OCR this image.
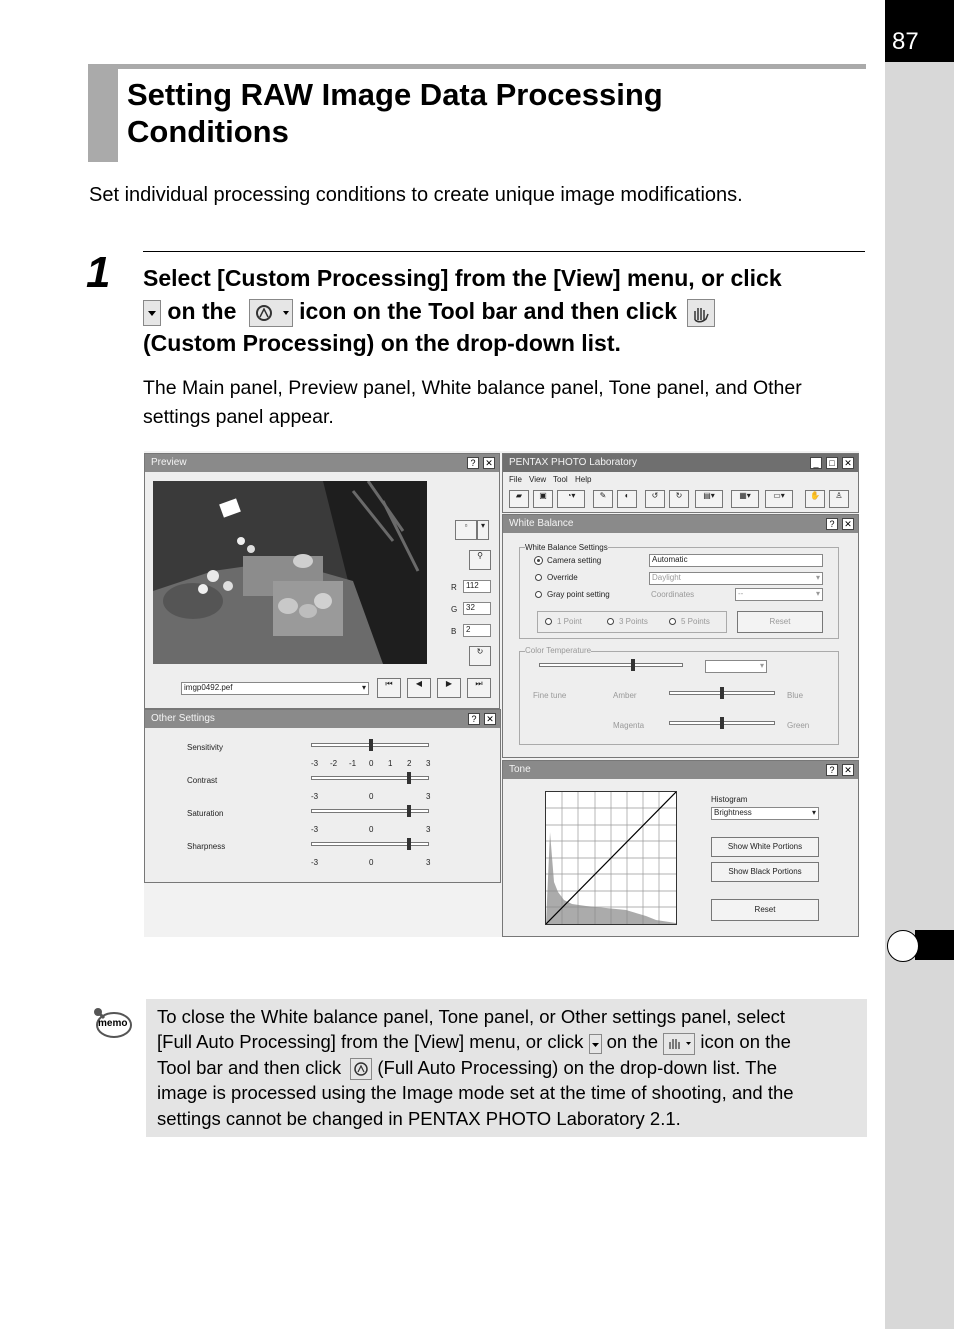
87
Setting RAW Image Data Processing
Conditions
Set individual processing conditions to create unique image modifications.
1 Select [Custom Processing] from the [View] menu, or click
on the	icon on the Tool bar and then click
(Custom Processing) on the drop-down list.
The Main panel, Preview panel, White balance panel, Tone panel, and Other settings panel appear.
Preview	?	✕
▫	▾
⚲
R	112
G	32
B	2
↻
imgp0492.pef	▾	⏮	◀	▶	⏭
Other Settings	?	✕
Sensitivity
-3 -2 -1 0 1 2 3
Contrast
-3	0	3
Saturation
-3	0	3
Sharpness
-3	0	3
PENTAX PHOTO Laboratory	_	□	✕
File View Tool Help
▰	▣	◔▾	✎	◐	↺	↻	▤▾	▦▾	▭▾	✋	♙
White Balance	?	✕
White Balance Settings
Camera setting	Automatic
Override	Daylight	▾
Gray point setting	Coordinates	--	▾
1 Point	3 Points	5 Points	Reset
Color Temperature
▾
Fine tune	Amber	Blue
Magenta	Green
Tone	?	✕
Histogram
Brightness	▾
Show White Portions
Show Black Portions
Reset
memo To close the White balance panel, Tone panel, or Other settings panel, select
[Full Auto Processing] from the [View] menu, or click on the icon on the
Tool bar and then click (Full Auto Processing) on the drop-down list. The
image is processed using the Image mode set at the time of shooting, and the
settings cannot be changed in PENTAX PHOTO Laboratory 2.1.
